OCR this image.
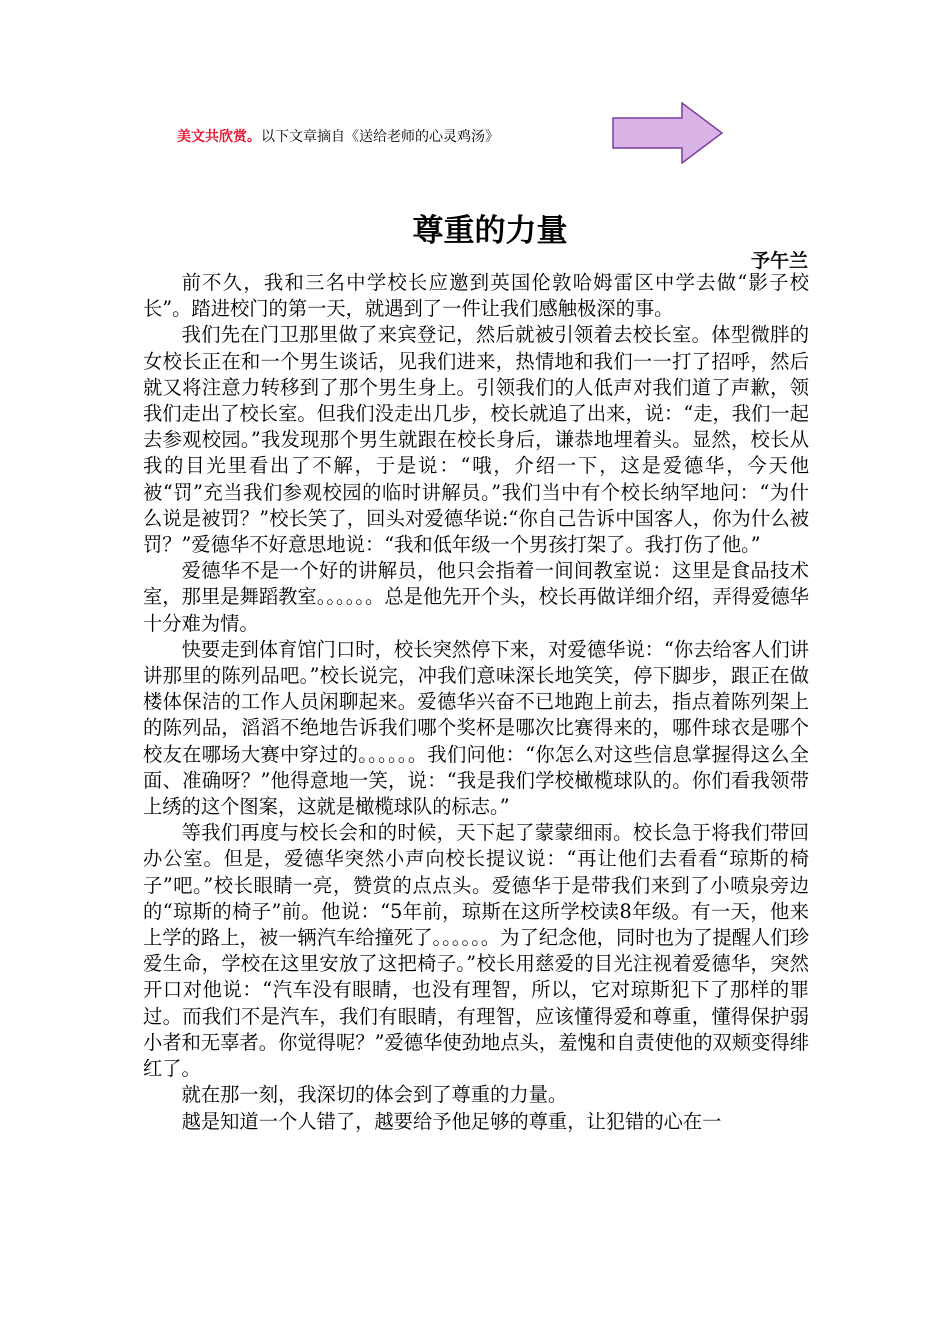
美文共欣赏。以下文章摘自《送给老师的心灵鸡汤》
尊重的力量
予午兰

前不久，我和三名中学校长应邀到英国伦敦哈姆雷区中学去做“影子校长”。踏进校门的第一天，就遇到了一件让我们感触极深的事。

我们先在门卫那里做了来宾登记，然后就被引领着去校长室。体型微胖的女校长正在和一个男生谈话，见我们进来，热情地和我们一一打了招呼，然后就又将注意力转移到了那个男生身上。引领我们的人低声对我们道了声歉，领我们走出了校长室。但我们没走出几步，校长就追了出来，说：“走，我们一起去参观校园。”我发现那个男生就跟在校长身后，谦恭地埋着头。显然，校长从我的目光里看出了不解，于是说：“哦，介绍一下，这是爱德华，今天他被“罚”充当我们参观校园的临时讲解员。”我们当中有个校长纳罕地问：“为什么说是被罚？”校长笑了，回头对爱德华说:“你自己告诉中国客人，你为什么被罚？”爱德华不好意思地说：“我和低年级一个男孩打架了。我打伤了他。”

爱德华不是一个好的讲解员，他只会指着一间间教室说：这里是食品技术室，那里是舞蹈教室。。。。。。总是他先开个头，校长再做详细介绍，弄得爱德华十分难为情。

快要走到体育馆门口时，校长突然停下来，对爱德华说：“你去给客人们讲讲那里的陈列品吧。”校长说完，冲我们意味深长地笑笑，停下脚步，跟正在做楼体保洁的工作人员闲聊起来。爱德华兴奋不已地跑上前去，指点着陈列架上的陈列品，滔滔不绝地告诉我们哪个奖杯是哪次比赛得来的，哪件球衣是哪个校友在哪场大赛中穿过的。。。。。。我们问他：“你怎么对这些信息掌握得这么全面、准确呀？”他得意地一笑，说：“我是我们学校橄榄球队的。你们看我领带上绣的这个图案，这就是橄榄球队的标志。”

等我们再度与校长会和的时候，天下起了蒙蒙细雨。校长急于将我们带回办公室。但是，爱德华突然小声向校长提议说：“再让他们去看看“琼斯的椅子”吧。”校长眼睛一亮，赞赏的点点头。爱德华于是带我们来到了小喷泉旁边的“琼斯的椅子”前。他说：“5年前，琼斯在这所学校读8年级。有一天，他来上学的路上，被一辆汽车给撞死了。。。。。。为了纪念他，同时也为了提醒人们珍爱生命，学校在这里安放了这把椅子。”校长用慈爱的目光注视着爱德华，突然开口对他说：“汽车没有眼睛，也没有理智，所以，它对琼斯犯下了那样的罪过。而我们不是汽车，我们有眼睛，有理智，应该懂得爱和尊重，懂得保护弱小者和无辜者。你觉得呢？”爱德华使劲地点头，羞愧和自责使他的双颊变得绯红了。

就在那一刻，我深切的体会到了尊重的力量。

越是知道一个人错了，越要给予他足够的尊重，让犯错的心在一
